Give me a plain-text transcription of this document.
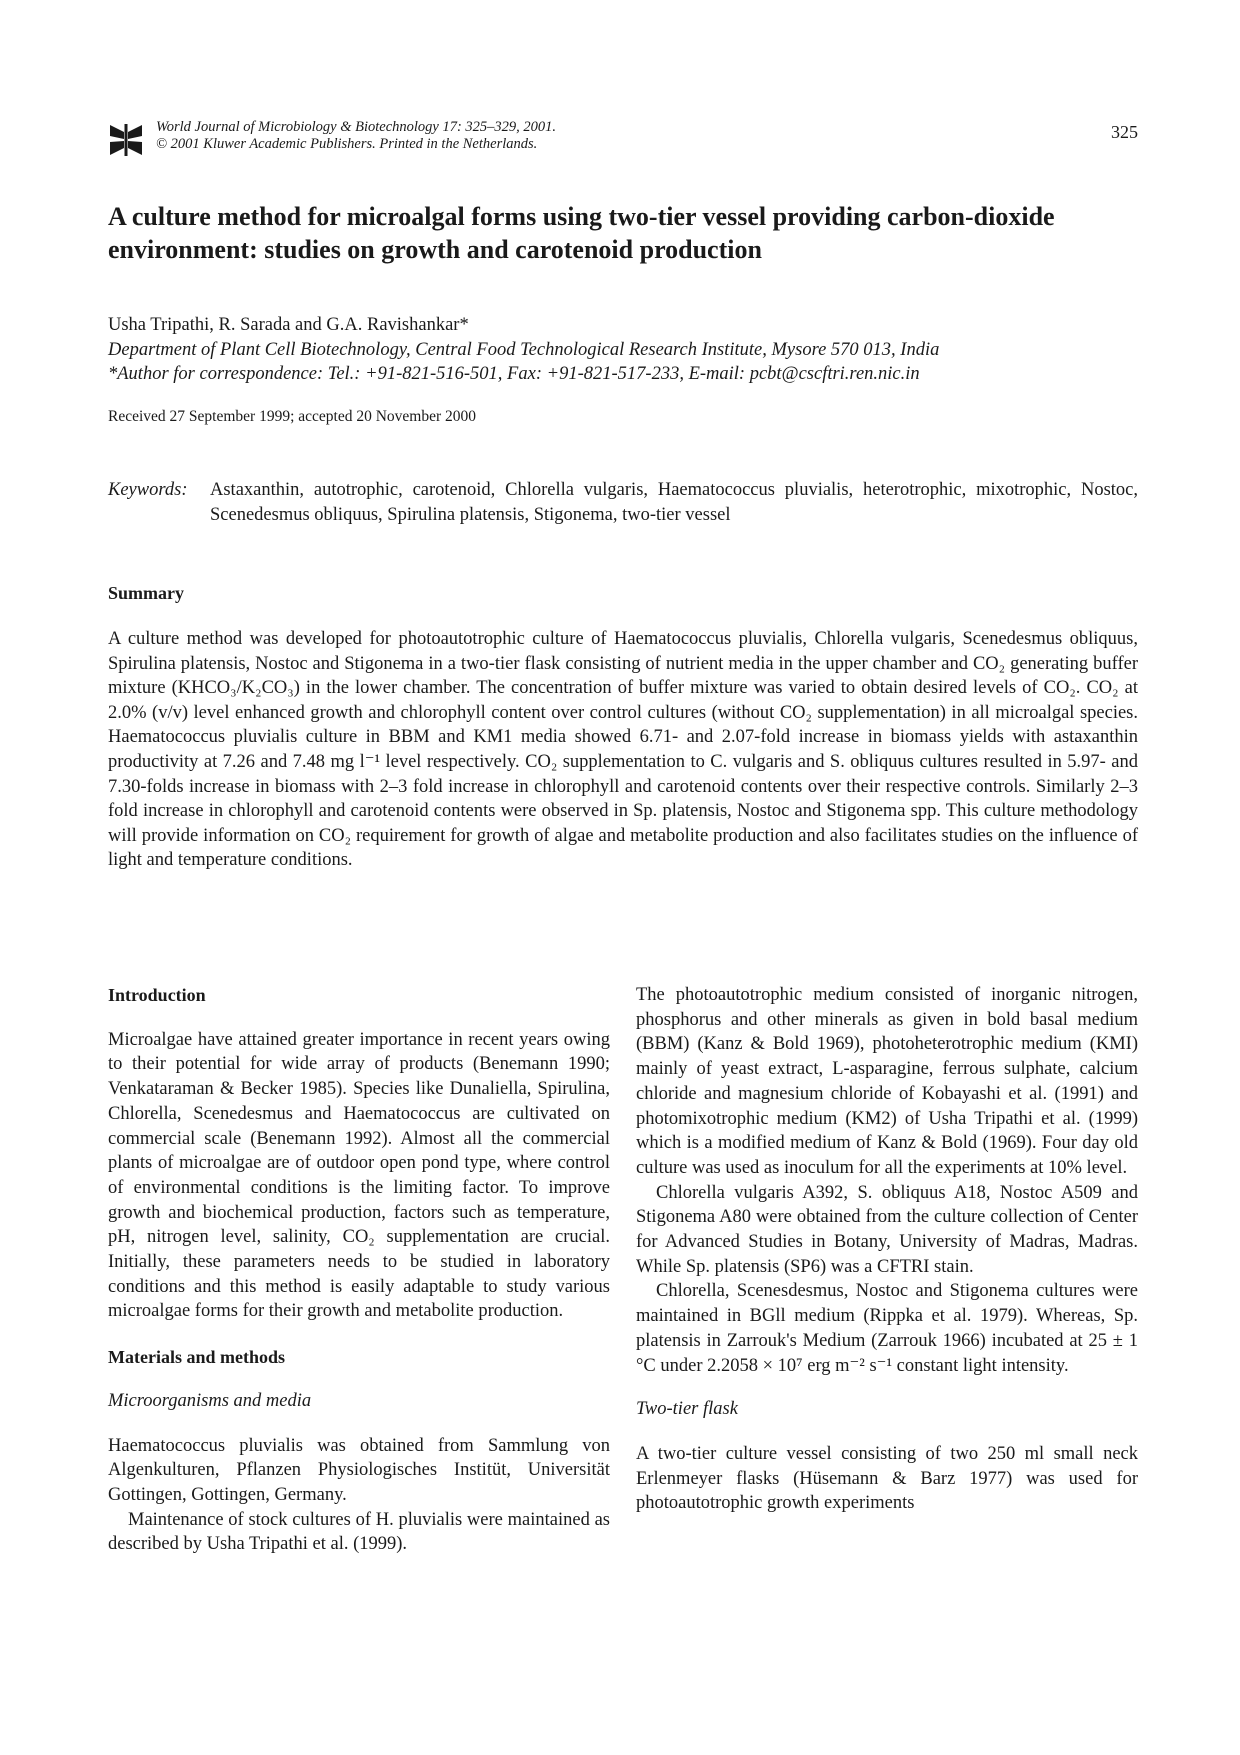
World Journal of Microbiology & Biotechnology 17: 325–329, 2001.
© 2001 Kluwer Academic Publishers. Printed in the Netherlands.
325
A culture method for microalgal forms using two-tier vessel providing carbon-dioxide environment: studies on growth and carotenoid production
Usha Tripathi, R. Sarada and G.A. Ravishankar*
Department of Plant Cell Biotechnology, Central Food Technological Research Institute, Mysore 570 013, India
*Author for correspondence: Tel.: +91-821-516-501, Fax: +91-821-517-233, E-mail: pcbt@cscftri.ren.nic.in
Received 27 September 1999; accepted 20 November 2000
Keywords:	Astaxanthin, autotrophic, carotenoid, Chlorella vulgaris, Haematococcus pluvialis, heterotrophic, mixotrophic, Nostoc, Scenedesmus obliquus, Spirulina platensis, Stigonema, two-tier vessel
Summary
A culture method was developed for photoautotrophic culture of Haematococcus pluvialis, Chlorella vulgaris, Scenedesmus obliquus, Spirulina platensis, Nostoc and Stigonema in a two-tier flask consisting of nutrient media in the upper chamber and CO₂ generating buffer mixture (KHCO₃/K₂CO₃) in the lower chamber. The concentration of buffer mixture was varied to obtain desired levels of CO₂. CO₂ at 2.0% (v/v) level enhanced growth and chlorophyll content over control cultures (without CO₂ supplementation) in all microalgal species. Haematococcus pluvialis culture in BBM and KM1 media showed 6.71- and 2.07-fold increase in biomass yields with astaxanthin productivity at 7.26 and 7.48 mg l⁻¹ level respectively. CO₂ supplementation to C. vulgaris and S. obliquus cultures resulted in 5.97- and 7.30-folds increase in biomass with 2–3 fold increase in chlorophyll and carotenoid contents over their respective controls. Similarly 2–3 fold increase in chlorophyll and carotenoid contents were observed in Sp. platensis, Nostoc and Stigonema spp. This culture methodology will provide information on CO₂ requirement for growth of algae and metabolite production and also facilitates studies on the influence of light and temperature conditions.
Introduction

Microalgae have attained greater importance in recent years owing to their potential for wide array of products (Benemann 1990; Venkataraman & Becker 1985). Species like Dunaliella, Spirulina, Chlorella, Scenedesmus and Haematococcus are cultivated on commercial scale (Benemann 1992). Almost all the commercial plants of microalgae are of outdoor open pond type, where control of environmental conditions is the limiting factor. To improve growth and biochemical production, factors such as temperature, pH, nitrogen level, salinity, CO₂ supplementation are crucial. Initially, these parameters needs to be studied in laboratory conditions and this method is easily adaptable to study various microalgae forms for their growth and metabolite production.

Materials and methods
Microorganisms and media

Haematococcus pluvialis was obtained from Sammlung von Algenkulturen, Pflanzen Physiologisches Institüt, Universität Gottingen, Gottingen, Germany.

Maintenance of stock cultures of H. pluvialis were maintained as described by Usha Tripathi et al. (1999).

The photoautotrophic medium consisted of inorganic nitrogen, phosphorus and other minerals as given in bold basal medium (BBM) (Kanz & Bold 1969), photoheterotrophic medium (KMI) mainly of yeast extract, L-asparagine, ferrous sulphate, calcium chloride and magnesium chloride of Kobayashi et al. (1991) and photomixotrophic medium (KM2) of Usha Tripathi et al. (1999) which is a modified medium of Kanz & Bold (1969). Four day old culture was used as inoculum for all the experiments at 10% level.

Chlorella vulgaris A392, S. obliquus A18, Nostoc A509 and Stigonema A80 were obtained from the culture collection of Center for Advanced Studies in Botany, University of Madras, Madras. While Sp. platensis (SP6) was a CFTRI stain.

Chlorella, Scenesdesmus, Nostoc and Stigonema cultures were maintained in BGll medium (Rippka et al. 1979). Whereas, Sp. platensis in Zarrouk's Medium (Zarrouk 1966) incubated at 25 ± 1 °C under 2.2058 × 10⁷ erg m⁻² s⁻¹ constant light intensity.

Two-tier flask

A two-tier culture vessel consisting of two 250 ml small neck Erlenmeyer flasks (Hüsemann & Barz 1977) was used for photoautotrophic growth experiments
